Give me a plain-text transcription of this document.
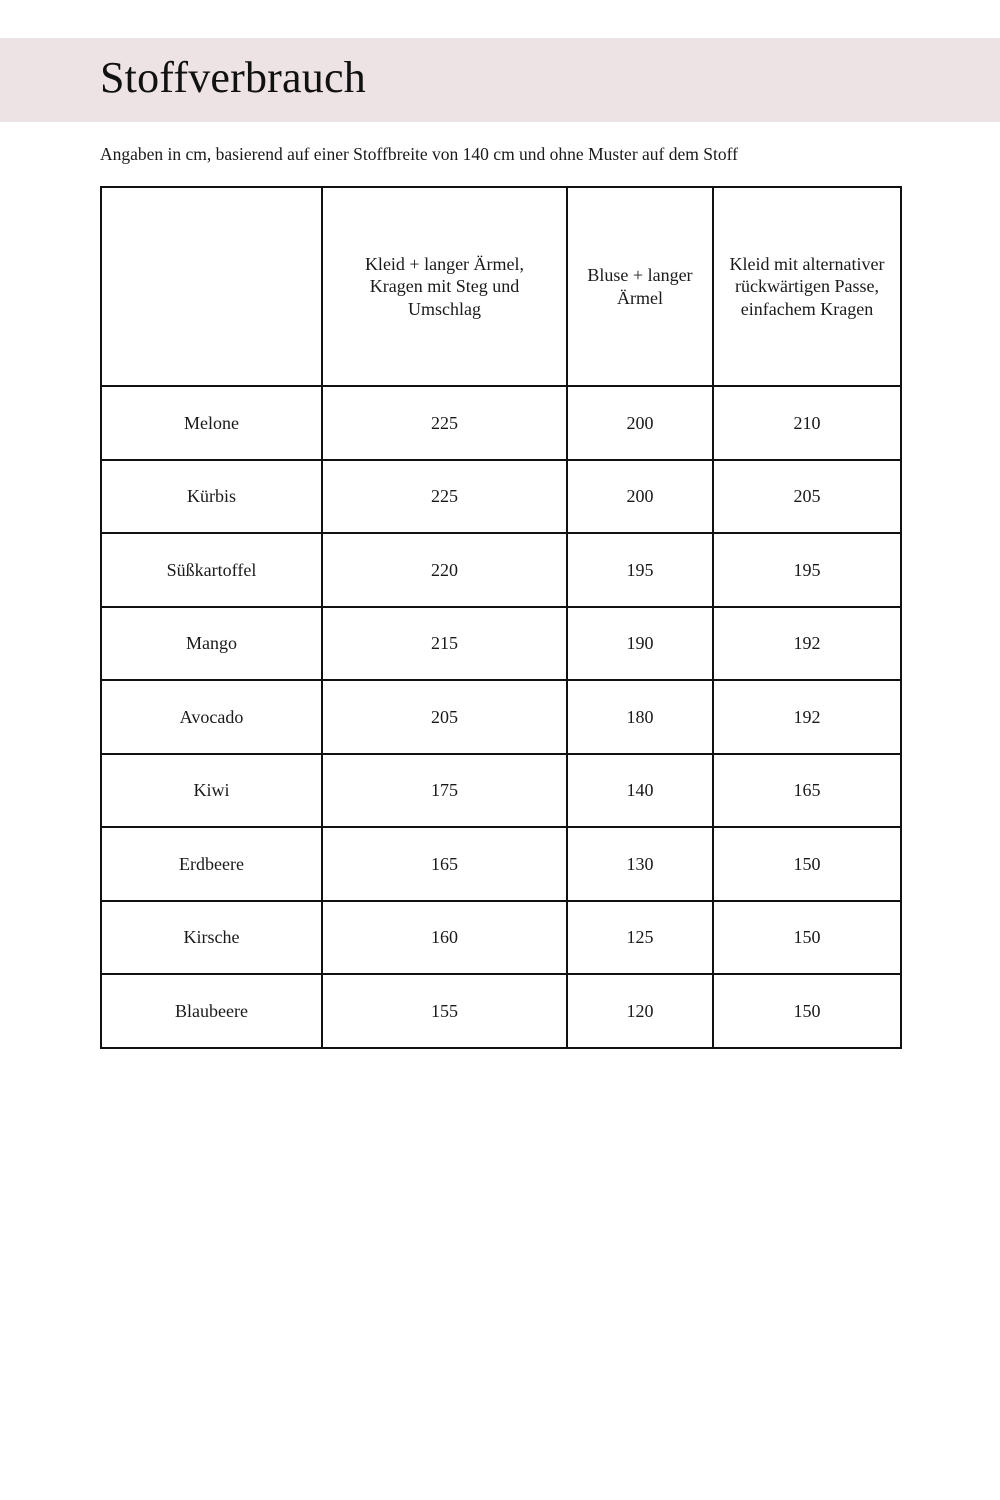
Stoffverbrauch

Angaben in cm, basierend auf einer Stoffbreite von 140 cm und ohne Muster auf dem Stoff

	Kleid + langer Ärmel, Kragen mit Steg und Umschlag	Bluse + langer Ärmel	Kleid mit alternativer rückwärtigen Passe, einfachem Kragen
Melone	225	200	210
Kürbis	225	200	205
Süßkartoffel	220	195	195
Mango	215	190	192
Avocado	205	180	192
Kiwi	175	140	165
Erdbeere	165	130	150
Kirsche	160	125	150
Blaubeere	155	120	150
